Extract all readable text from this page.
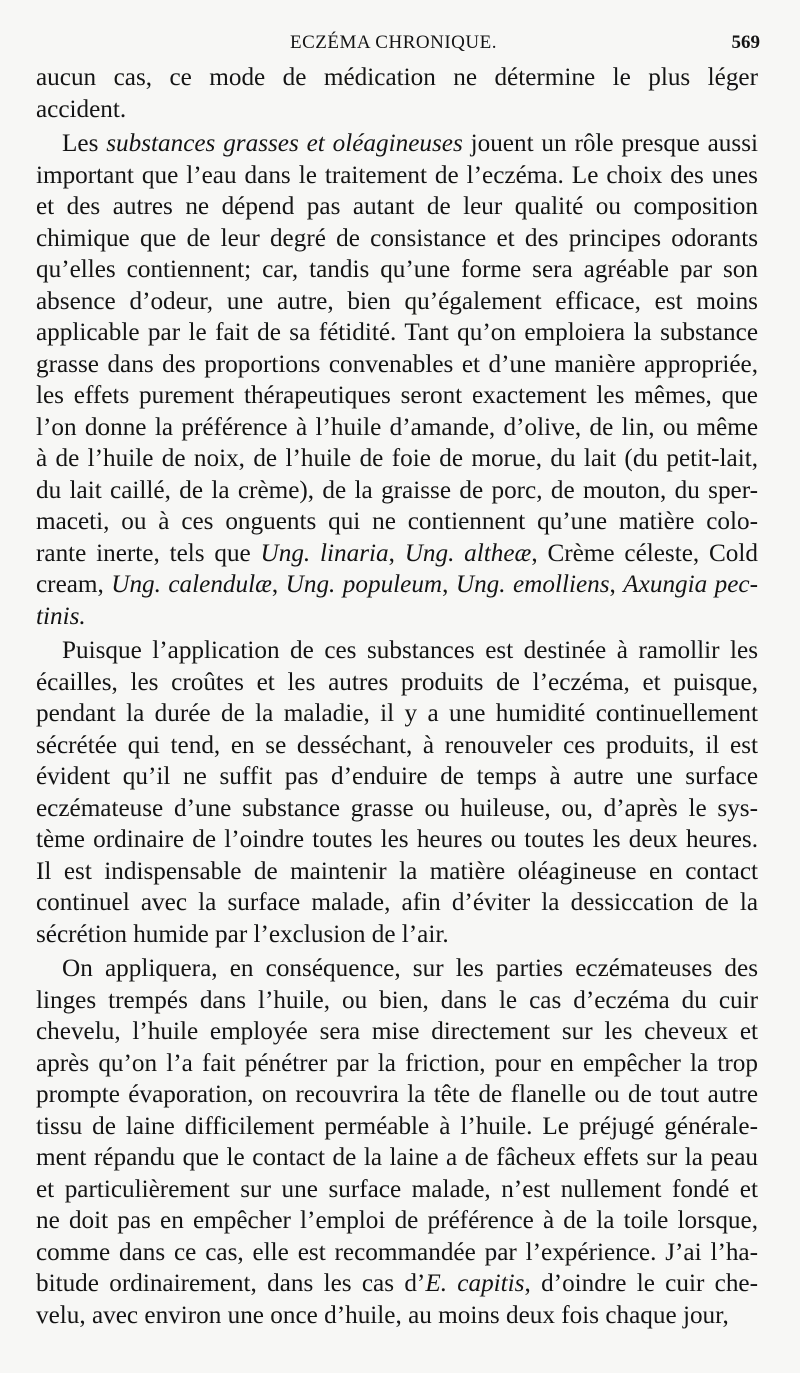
ECZÉMA CHRONIQUE.	569

aucun cas, ce mode de médication ne détermine le plus léger
accident.

Les substances grasses et oléagineuses jouent un rôle presque aussi
important que l’eau dans le traitement de l’eczéma. Le choix des unes
et des autres ne dépend pas autant de leur qualité ou composition
chimique que de leur degré de consistance et des principes odorants
qu’elles contiennent; car, tandis qu’une forme sera agréable par son
absence d’odeur, une autre, bien qu’également efficace, est moins
applicable par le fait de sa fétidité. Tant qu’on emploiera la substance
grasse dans des proportions convenables et d’une manière appropriée,
les effets purement thérapeutiques seront exactement les mêmes, que
l’on donne la préférence à l’huile d’amande, d’olive, de lin, ou même
à de l’huile de noix, de l’huile de foie de morue, du lait (du petit-lait,
du lait caillé, de la crème), de la graisse de porc, de mouton, du sper-
maceti, ou à ces onguents qui ne contiennent qu’une matière colo-
rante inerte, tels que Ung. linaria, Ung. altheæ, Crème céleste, Cold
cream, Ung. calendulæ, Ung. populeum, Ung. emolliens, Axungia pec-
tinis.

Puisque l’application de ces substances est destinée à ramollir les
écailles, les croûtes et les autres produits de l’eczéma, et puisque,
pendant la durée de la maladie, il y a une humidité continuellement
sécrétée qui tend, en se desséchant, à renouveler ces produits, il est
évident qu’il ne suffit pas d’enduire de temps à autre une surface
eczémateuse d’une substance grasse ou huileuse, ou, d’après le sys-
tème ordinaire de l’oindre toutes les heures ou toutes les deux heures.
Il est indispensable de maintenir la matière oléagineuse en contact
continuel avec la surface malade, afin d’éviter la dessiccation de la
sécrétion humide par l’exclusion de l’air.

On appliquera, en conséquence, sur les parties eczémateuses des
linges trempés dans l’huile, ou bien, dans le cas d’eczéma du cuir
chevelu, l’huile employée sera mise directement sur les cheveux et
après qu’on l’a fait pénétrer par la friction, pour en empêcher la trop
prompte évaporation, on recouvrira la tête de flanelle ou de tout autre
tissu de laine difficilement perméable à l’huile. Le préjugé générale-
ment répandu que le contact de la laine a de fâcheux effets sur la peau
et particulièrement sur une surface malade, n’est nullement fondé et
ne doit pas en empêcher l’emploi de préférence à de la toile lorsque,
comme dans ce cas, elle est recommandée par l’expérience. J’ai l’ha-
bitude ordinairement, dans les cas d’E. capitis, d’oindre le cuir che-
velu, avec environ une once d’huile, au moins deux fois chaque jour,
